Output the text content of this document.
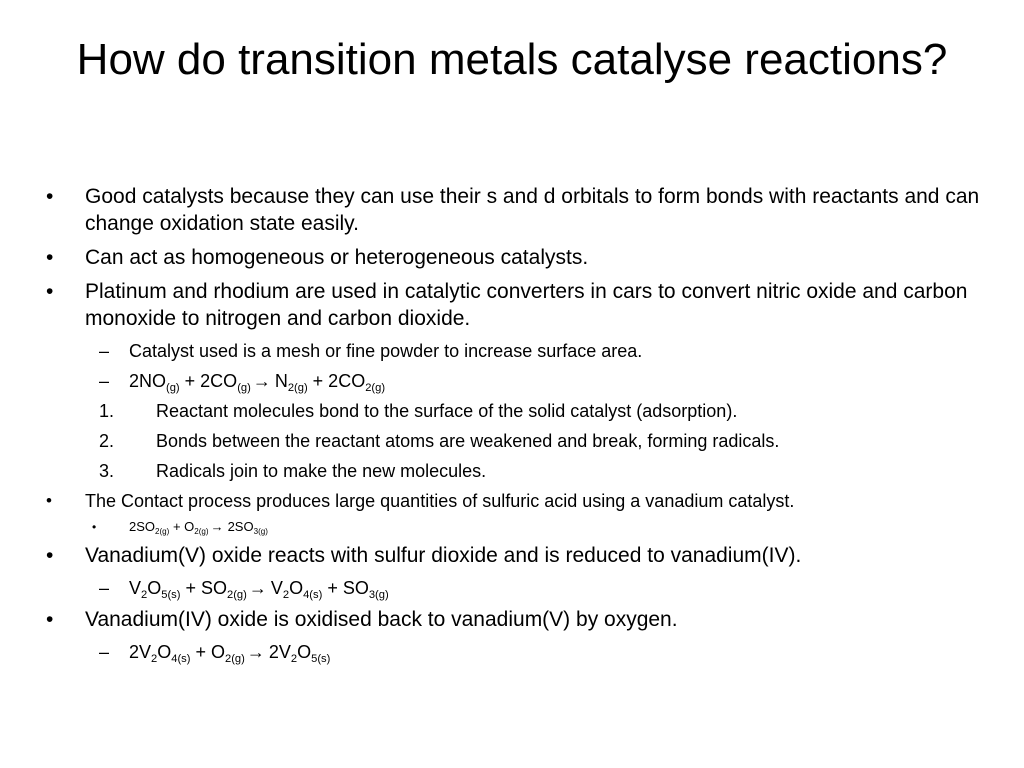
How do transition metals catalyse reactions?
• Good catalysts because they can use their s and d orbitals to form bonds with reactants and can change oxidation state easily.
• Can act as homogeneous or heterogeneous catalysts.
• Platinum and rhodium are used in catalytic converters in cars to convert nitric oxide and carbon monoxide to nitrogen and carbon dioxide.
– Catalyst used is a mesh or fine powder to increase surface area.
– $2NO_{(g)} + 2CO_{(g)} \to N_{2(g)} + 2CO_{2(g)}$
1. Reactant molecules bond to the surface of the solid catalyst (adsorption).
2. Bonds between the reactant atoms are weakened and break, forming radicals.
3. Radicals join to make the new molecules.
• The Contact process produces large quantities of sulfuric acid using a vanadium catalyst.
•	$2SO_{2(g)} + O_{2(g)} \to 2SO_{3(g)}$
• Vanadium(V) oxide reacts with sulfur dioxide and is reduced to vanadium(IV).
– $V_2O_{5(s)} + SO_{2(g)} \to V_2O_{4(s)} + SO_{3(g)}$
• Vanadium(IV) oxide is oxidised back to vanadium(V) by oxygen.
– $2V_2O_{4(s)} + O_{2(g)} \to 2V_2O_{5(s)}$
